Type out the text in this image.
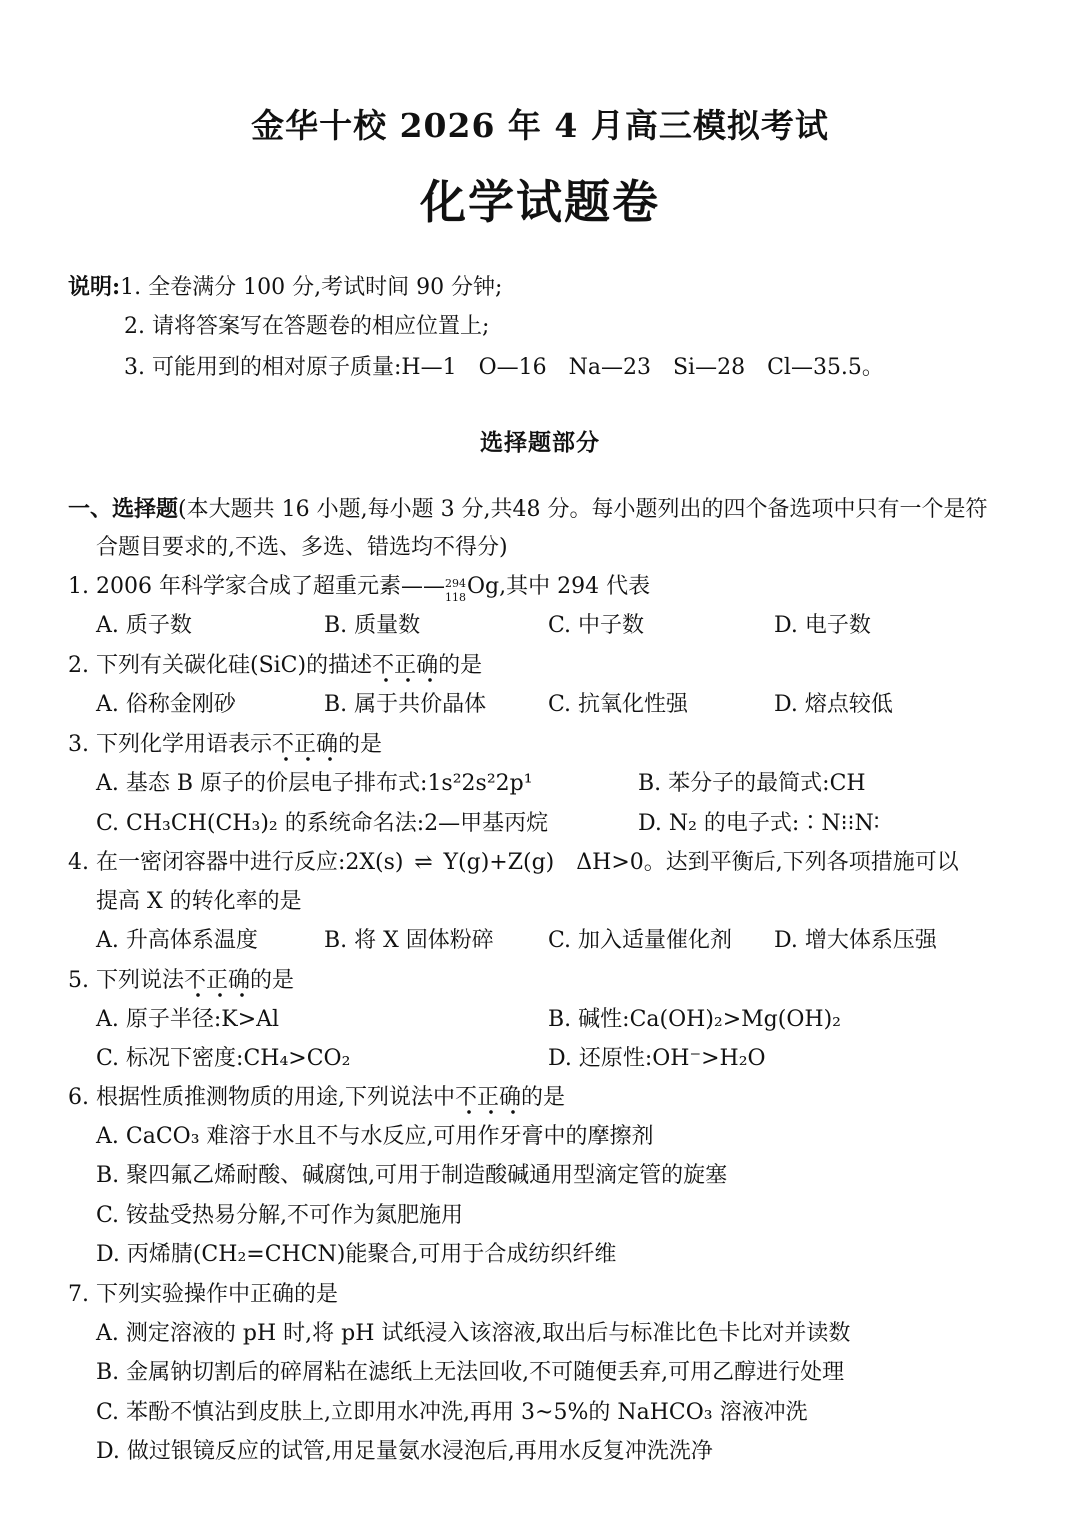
金华十校 2026 年 4 月高三模拟考试
化学试题卷
说明:1. 全卷满分 100 分,考试时间 90 分钟;
2. 请将答案写在答题卷的相应位置上;
3. 可能用到的相对原子质量:H—1　O—16　Na—23　Si—28　Cl—35.5。
选择题部分
一、选择题(本大题共 16 小题,每小题 3 分,共48 分。每小题列出的四个备选项中只有一个是符
合题目要求的,不选、多选、错选均不得分)
1. 2006 年科学家合成了超重元素—— 294
118 Og,其中 294 代表
A. 质子数	B. 质量数	C. 中子数	D. 电子数
2. 下列有关碳化硅(SiC)的描述不正确的是
A. 俗称金刚砂	B. 属于共价晶体	C. 抗氧化性强	D. 熔点较低
3. 下列化学用语表示不正确的是
A. 基态 B 原子的价层电子排布式:1s²2s²2p¹	B. 苯分子的最简式:CH
C. CH₃CH(CH₃)₂ 的系统命名法:2—甲基丙烷	D. N₂ 的电子式:∶N⁝⁝N∶
4. 在一密闭容器中进行反应:2X(s) ⇌ Y(g)+Z(g)　ΔH>0。达到平衡后,下列各项措施可以
提高 X 的转化率的是
A. 升高体系温度	B. 将 X 固体粉碎 C. 加入适量催化剂 D. 增大体系压强
5. 下列说法不正确的是
A. 原子半径:K>Al	B. 碱性:Ca(OH)₂>Mg(OH)₂
C. 标况下密度:CH₄>CO₂	D. 还原性:OH⁻>H₂O
6. 根据性质推测物质的用途,下列说法中不正确的是
A. CaCO₃ 难溶于水且不与水反应,可用作牙膏中的摩擦剂
B. 聚四氟乙烯耐酸、碱腐蚀,可用于制造酸碱通用型滴定管的旋塞
C. 铵盐受热易分解,不可作为氮肥施用
D. 丙烯腈(CH₂=CHCN)能聚合,可用于合成纺织纤维
7. 下列实验操作中正确的是
A. 测定溶液的 pH 时,将 pH 试纸浸入该溶液,取出后与标准比色卡比对并读数
B. 金属钠切割后的碎屑粘在滤纸上无法回收,不可随便丢弃,可用乙醇进行处理
C. 苯酚不慎沾到皮肤上,立即用水冲洗,再用 3~5%的 NaHCO₃ 溶液冲洗
D. 做过银镜反应的试管,用足量氨水浸泡后,再用水反复冲洗洗净
